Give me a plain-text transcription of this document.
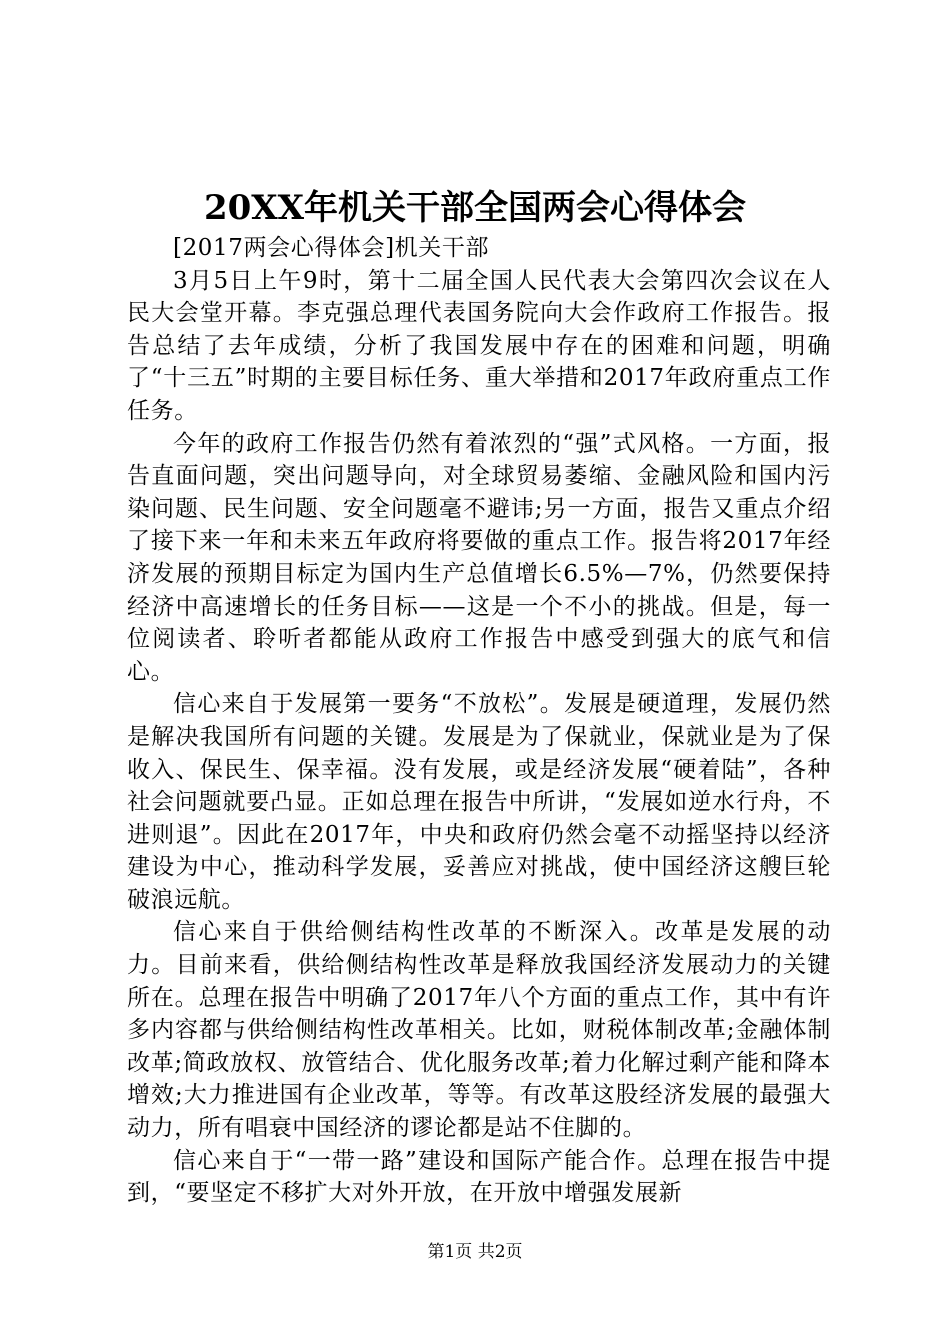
20XX年机关干部全国两会心得体会

[2017两会心得体会]机关干部

3月5日上午9时，第十二届全国人民代表大会第四次会议在人民大会堂开幕。李克强总理代表国务院向大会作政府工作报告。报告总结了去年成绩，分析了我国发展中存在的困难和问题，明确了“十三五”时期的主要目标任务、重大举措和2017年政府重点工作任务。

今年的政府工作报告仍然有着浓烈的“强”式风格。一方面，报告直面问题，突出问题导向，对全球贸易萎缩、金融风险和国内污染问题、民生问题、安全问题毫不避讳;另一方面，报告又重点介绍了接下来一年和未来五年政府将要做的重点工作。报告将2017年经济发展的预期目标定为国内生产总值增长6.5%—7%，仍然要保持经济中高速增长的任务目标——这是一个不小的挑战。但是，每一位阅读者、聆听者都能从政府工作报告中感受到强大的底气和信心。

信心来自于发展第一要务“不放松”。发展是硬道理，发展仍然是解决我国所有问题的关键。发展是为了保就业，保就业是为了保收入、保民生、保幸福。没有发展，或是经济发展“硬着陆”，各种社会问题就要凸显。正如总理在报告中所讲，“发展如逆水行舟，不进则退”。因此在2017年，中央和政府仍然会毫不动摇坚持以经济建设为中心，推动科学发展，妥善应对挑战，使中国经济这艘巨轮破浪远航。

信心来自于供给侧结构性改革的不断深入。改革是发展的动力。目前来看，供给侧结构性改革是释放我国经济发展动力的关键所在。总理在报告中明确了2017年八个方面的重点工作，其中有许多内容都与供给侧结构性改革相关。比如，财税体制改革;金融体制改革;简政放权、放管结合、优化服务改革;着力化解过剩产能和降本增效;大力推进国有企业改革，等等。有改革这股经济发展的最强大动力，所有唱衰中国经济的谬论都是站不住脚的。

信心来自于“一带一路”建设和国际产能合作。总理在报告中提到，“要坚定不移扩大对外开放，在开放中增强发展新

第1页 共2页
